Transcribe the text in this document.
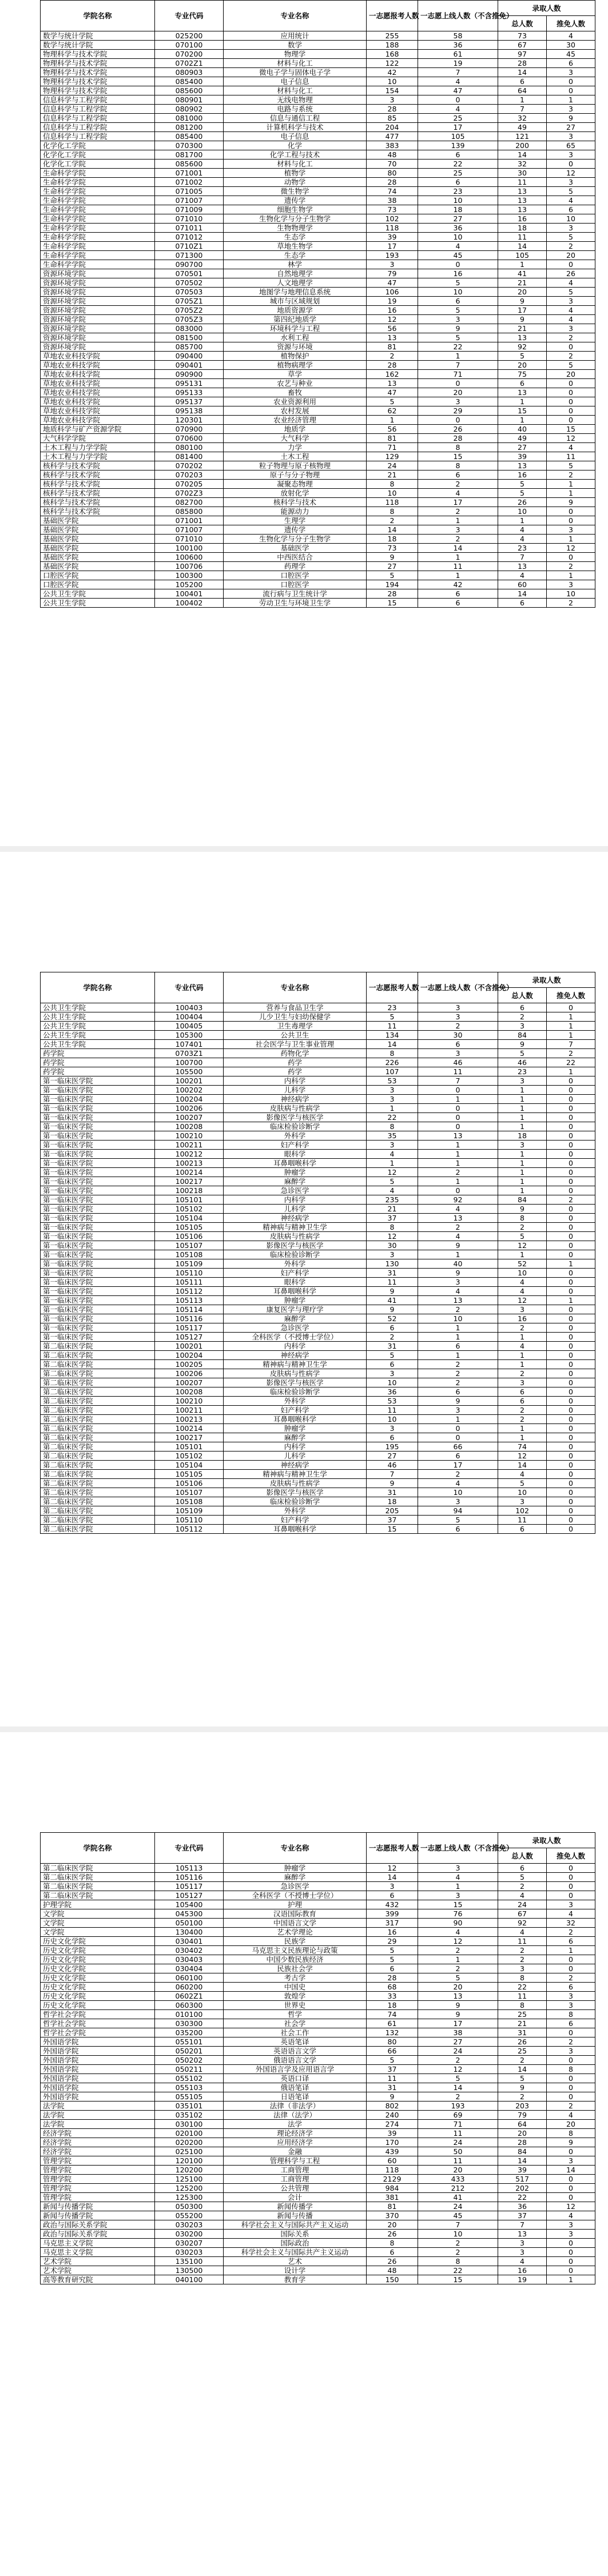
学院名称	专业代码	专业名称	一志愿报考人数	一志愿上线人数（不含推免）	录取人数	
					总人数	推免人数
数学与统计学院	025200	应用统计	255	58	73	4
数学与统计学院	070100	数学	188	36	67	30
物理科学与技术学院	070200	物理学	168	61	97	45
物理科学与技术学院	0702Z1	材料与化工	122	19	28	6
物理科学与技术学院	080903	微电子学与固体电子学	42	7	14	3
物理科学与技术学院	085400	电子信息	10	4	6	0
物理科学与技术学院	085600	材料与化工	154	47	64	0
信息科学与工程学院	080901	无线电物理	3	0	1	1
信息科学与工程学院	080902	电路与系统	28	4	7	3
信息科学与工程学院	081000	信息与通信工程	85	25	32	9
信息科学与工程学院	081200	计算机科学与技术	204	17	49	27
信息科学与工程学院	085400	电子信息	477	105	121	3
化学化工学院	070300	化学	383	139	200	65
化学化工学院	081700	化学工程与技术	48	6	14	3
化学化工学院	085600	材料与化工	70	22	32	0
生命科学学院	071001	植物学	80	25	30	12
生命科学学院	071002	动物学	28	6	11	3
生命科学学院	071005	微生物学	74	23	13	5
生命科学学院	071007	遗传学	38	10	13	4
生命科学学院	071009	细胞生物学	73	18	13	6
生命科学学院	071010	生物化学与分子生物学	102	27	16	10
生命科学学院	071011	生物物理学	118	36	18	3
生命科学学院	071012	生态学	39	10	11	5
生命科学学院	0710Z1	草地生物学	17	4	14	2
生命科学学院	071300	生态学	193	45	105	20
生命科学学院	090700	林学	3	0	1	0
资源环境学院	070501	自然地理学	79	16	41	26
资源环境学院	070502	人文地理学	47	5	21	4
资源环境学院	070503	地图学与地理信息系统	106	10	20	5
资源环境学院	0705Z1	城市与区域规划	19	6	9	3
资源环境学院	0705Z2	地质资源学	16	5	17	4
资源环境学院	0705Z3	第四纪地质学	12	3	9	4
资源环境学院	083000	环境科学与工程	56	9	21	3
资源环境学院	081500	水利工程	13	5	13	2
资源环境学院	085700	资源与环境	81	22	92	0
草地农业科技学院	090400	植物保护	2	1	5	2
草地农业科技学院	090401	植物病理学	28	7	20	5
草地农业科技学院	090900	草学	162	71	75	20
草地农业科技学院	095131	农艺与种业	13	0	6	0
草地农业科技学院	095133	畜牧	47	20	13	0
草地农业科技学院	095137	农业资源利用	5	3	1	0
草地农业科技学院	095138	农村发展	62	29	15	0
草地农业科技学院	120301	农业经济管理	1	0	1	0
地质科学与矿产资源学院	070900	地质学	56	26	40	15
大气科学学院	070600	大气科学	81	28	49	12
土木工程与力学学院	080100	力学	71	8	27	4
土木工程与力学学院	081400	土木工程	129	15	39	11
核科学与技术学院	070202	粒子物理与原子核物理	24	8	13	5
核科学与技术学院	070203	原子与分子物理	21	6	16	2
核科学与技术学院	070205	凝聚态物理	8	2	5	1
核科学与技术学院	0702Z3	放射化学	10	4	5	1
核科学与技术学院	082700	核科学与技术	118	17	26	9
核科学与技术学院	085800	能源动力	8	2	10	0
基础医学院	071001	生理学	2	1	1	0
基础医学院	071007	遗传学	14	3	4	3
基础医学院	071010	生物化学与分子生物学	18	2	4	1
基础医学院	100100	基础医学	73	14	23	12
基础医学院	100600	中西医结合	9	1	7	0
基础医学院	100706	药理学	27	11	13	2
口腔医学院	100300	口腔医学	5	1	4	1
口腔医学院	105200	口腔医学	194	42	60	3
公共卫生学院	100401	流行病与卫生统计学	28	6	14	10
公共卫生学院	100402	劳动卫生与环境卫生学	15	6	6	2
学院名称	专业代码	专业名称	一志愿报考人数	一志愿上线人数（不含推免）	录取人数	
					总人数	推免人数
公共卫生学院	100403	营养与食品卫生学	23	3	6	0
公共卫生学院	100404	儿少卫生与妇幼保健学	5	3	2	1
公共卫生学院	100405	卫生毒理学	11	2	3	1
公共卫生学院	105300	公共卫生	134	30	84	1
公共卫生学院	107401	社会医学与卫生事业管理	14	6	9	7
药学院	0703Z1	药物化学	8	3	5	2
药学院	100700	药学	226	46	46	22
药学院	105500	药学	107	11	23	1
第一临床医学院	100201	内科学	53	7	3	0
第一临床医学院	100202	儿科学	3	0	1	0
第一临床医学院	100204	神经病学	3	1	1	0
第一临床医学院	100206	皮肤病与性病学	1	0	1	0
第一临床医学院	100207	影像医学与核医学	22	0	1	0
第一临床医学院	100208	临床检验诊断学	8	0	1	0
第一临床医学院	100210	外科学	35	13	18	0
第一临床医学院	100211	妇产科学	3	1	3	0
第一临床医学院	100212	眼科学	4	1	1	0
第一临床医学院	100213	耳鼻咽喉科学	1	1	1	0
第一临床医学院	100214	肿瘤学	12	2	1	0
第一临床医学院	100217	麻醉学	5	1	1	0
第一临床医学院	100218	急诊医学	4	0	1	0
第一临床医学院	105101	内科学	235	92	84	2
第一临床医学院	105102	儿科学	21	4	9	0
第一临床医学院	105104	神经病学	37	13	8	0
第一临床医学院	105105	精神病与精神卫生学	8	2	2	0
第一临床医学院	105106	皮肤病与性病学	12	4	5	0
第一临床医学院	105107	影像医学与核医学	30	9	12	0
第一临床医学院	105108	临床检验诊断学	3	1	1	0
第一临床医学院	105109	外科学	130	40	52	1
第一临床医学院	105110	妇产科学	31	9	10	0
第一临床医学院	105111	眼科学	11	3	4	0
第一临床医学院	105112	耳鼻咽喉科学	9	4	4	0
第一临床医学院	105113	肿瘤学	41	13	12	1
第一临床医学院	105114	康复医学与理疗学	9	2	3	0
第一临床医学院	105116	麻醉学	52	10	16	0
第一临床医学院	105117	急诊医学	6	1	2	0
第一临床医学院	105127	全科医学（不授博士学位）	2	1	1	0
第二临床医学院	100201	内科学	31	6	4	0
第二临床医学院	100204	神经病学	5	1	1	0
第二临床医学院	100205	精神病与精神卫生学	6	2	1	0
第二临床医学院	100206	皮肤病与性病学	3	2	2	0
第二临床医学院	100207	影像医学与核医学	10	2	3	0
第二临床医学院	100208	临床检验诊断学	36	6	6	0
第二临床医学院	100210	外科学	53	9	6	0
第二临床医学院	100211	妇产科学	11	3	2	0
第二临床医学院	100213	耳鼻咽喉科学	10	1	2	0
第二临床医学院	100214	肿瘤学	3	0	1	0
第二临床医学院	100217	麻醉学	6	0	1	0
第二临床医学院	105101	内科学	195	66	74	0
第二临床医学院	105102	儿科学	27	6	12	0
第二临床医学院	105104	神经病学	46	17	14	0
第二临床医学院	105105	精神病与精神卫生学	7	2	4	0
第二临床医学院	105106	皮肤病与性病学	9	4	5	0
第二临床医学院	105107	影像医学与核医学	31	10	10	0
第二临床医学院	105108	临床检验诊断学	18	3	3	0
第二临床医学院	105109	外科学	205	94	102	0
第二临床医学院	105110	妇产科学	37	5	11	0
第二临床医学院	105112	耳鼻咽喉科学	15	6	6	0
学院名称	专业代码	专业名称	一志愿报考人数	一志愿上线人数（不含推免）	录取人数	
					总人数	推免人数
第二临床医学院	105113	肿瘤学	12	3	6	0
第二临床医学院	105116	麻醉学	14	4	5	0
第二临床医学院	105117	急诊医学	3	1	2	0
第二临床医学院	105127	全科医学（不授博士学位）	6	3	4	0
护理学院	105400	护理	432	15	24	3
文学院	045300	汉语国际教育	399	76	67	4
文学院	050100	中国语言文学	317	90	92	32
文学院	130400	艺术学理论	16	4	4	2
历史文化学院	030401	民族学	29	12	11	6
历史文化学院	030402	马克思主义民族理论与政策	5	2	2	1
历史文化学院	030403	中国少数民族经济	5	1	2	0
历史文化学院	030404	民族社会学	6	2	3	0
历史文化学院	060100	考古学	28	5	8	2
历史文化学院	060200	中国史	68	20	22	6
历史文化学院	0602Z1	敦煌学	33	13	11	3
历史文化学院	060300	世界史	18	9	8	3
哲学社会学院	010100	哲学	74	9	25	8
哲学社会学院	030300	社会学	61	17	21	6
哲学社会学院	035200	社会工作	132	38	31	0
外国语学院	055101	英语笔译	80	27	26	2
外国语学院	050201	英语语言文学	66	24	25	3
外国语学院	050202	俄语语言文学	5	2	2	0
外国语学院	050211	外国语言学及应用语言学	37	12	14	8
外国语学院	055102	英语口译	11	5	5	0
外国语学院	055103	俄语笔译	31	14	9	0
外国语学院	055105	日语笔译	9	2	2	0
法学院	035101	法律（非法学）	802	193	203	2
法学院	035102	法律（法学）	240	69	79	4
法学院	030100	法学	274	71	64	20
经济学院	020100	理论经济学	39	11	20	8
经济学院	020200	应用经济学	170	24	28	9
经济学院	025100	金融	439	50	84	0
管理学院	120100	管理科学与工程	60	11	14	3
管理学院	120200	工商管理	118	20	39	14
管理学院	125100	工商管理	2129	433	517	0
管理学院	125200	公共管理	984	212	202	0
管理学院	125300	会计	381	41	22	0
新闻与传播学院	050300	新闻传播学	81	24	36	12
新闻与传播学院	055200	新闻与传播	370	45	37	4
政治与国际关系学院	030203	科学社会主义与国际共产主义运动	20	7	7	3
政治与国际关系学院	030200	国际关系	26	10	13	3
马克思主义学院	030207	国际政治	8	2	3	0
马克思主义学院	030203	科学社会主义与国际共产主义运动	6	2	3	0
艺术学院	135100	艺术	26	8	4	0
艺术学院	130500	设计学	48	22	16	0
高等教育研究院	040100	教育学	150	15	19	1
